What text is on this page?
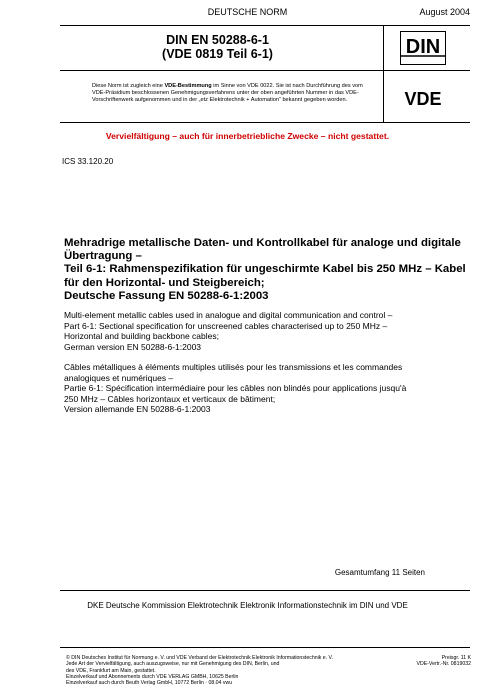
DEUTSCHE NORM	August 2004
DIN EN 50288-6-1
(VDE 0819 Teil 6-1)	DIN
Diese Norm ist zugleich eine VDE-Bestimmung im Sinne von VDE 0022. Sie ist nach Durchführung des vom VDE-Präsidium beschlossenen Genehmigungsverfahrens unter der oben angeführten Nummer in das VDE-Vorschriftenwerk aufgenommen und in der „etz Elektrotechnik + Automation“ bekannt gegeben worden.	VDE
Vervielfältigung – auch für innerbetriebliche Zwecke – nicht gestattet.
ICS 33.120.20
Mehradrige metallische Daten- und Kontrollkabel für analoge und digitale
Übertragung –
Teil 6-1: Rahmenspezifikation für ungeschirmte Kabel bis 250 MHz – Kabel
für den Horizontal- und Steigbereich;
Deutsche Fassung EN 50288-6-1:2003
Multi-element metallic cables used in analogue and digital communication and control –
Part 6-1: Sectional specification for unscreened cables characterised up to 250 MHz –
Horizontal and building backbone cables;
German version EN 50288-6-1:2003
Câbles métalliques à éléments multiples utilisés pour les transmissions et les commandes
analogiques et numériques –
Partie 6-1: Spécification intermédiaire pour les câbles non blindés pour applications jusqu'à
250 MHz – Câbles horizontaux et verticaux de bâtiment;
Version allemande EN 50288-6-1:2003
Gesamtumfang 11 Seiten
DKE Deutsche Kommission Elektrotechnik Elektronik Informationstechnik im DIN und VDE
© DIN Deutsches Institut für Normung e. V. und VDE Verband der Elektrotechnik Elektronik Informationstechnik e. V.
Jede Art der Vervielfältigung, auch auszugsweise, nur mit Genehmigung des DIN, Berlin, und
des VDE, Frankfurt am Main, gestattet.
Einzelverkauf und Abonnements durch VDE VERLAG GMBH, 10625 Berlin
Einzelverkauf auch durch Beuth Verlag GmbH, 10772 Berlin · 08.04 vwu
Preisgr. 11 K
VDE-Vertr.-Nr. 0819032
